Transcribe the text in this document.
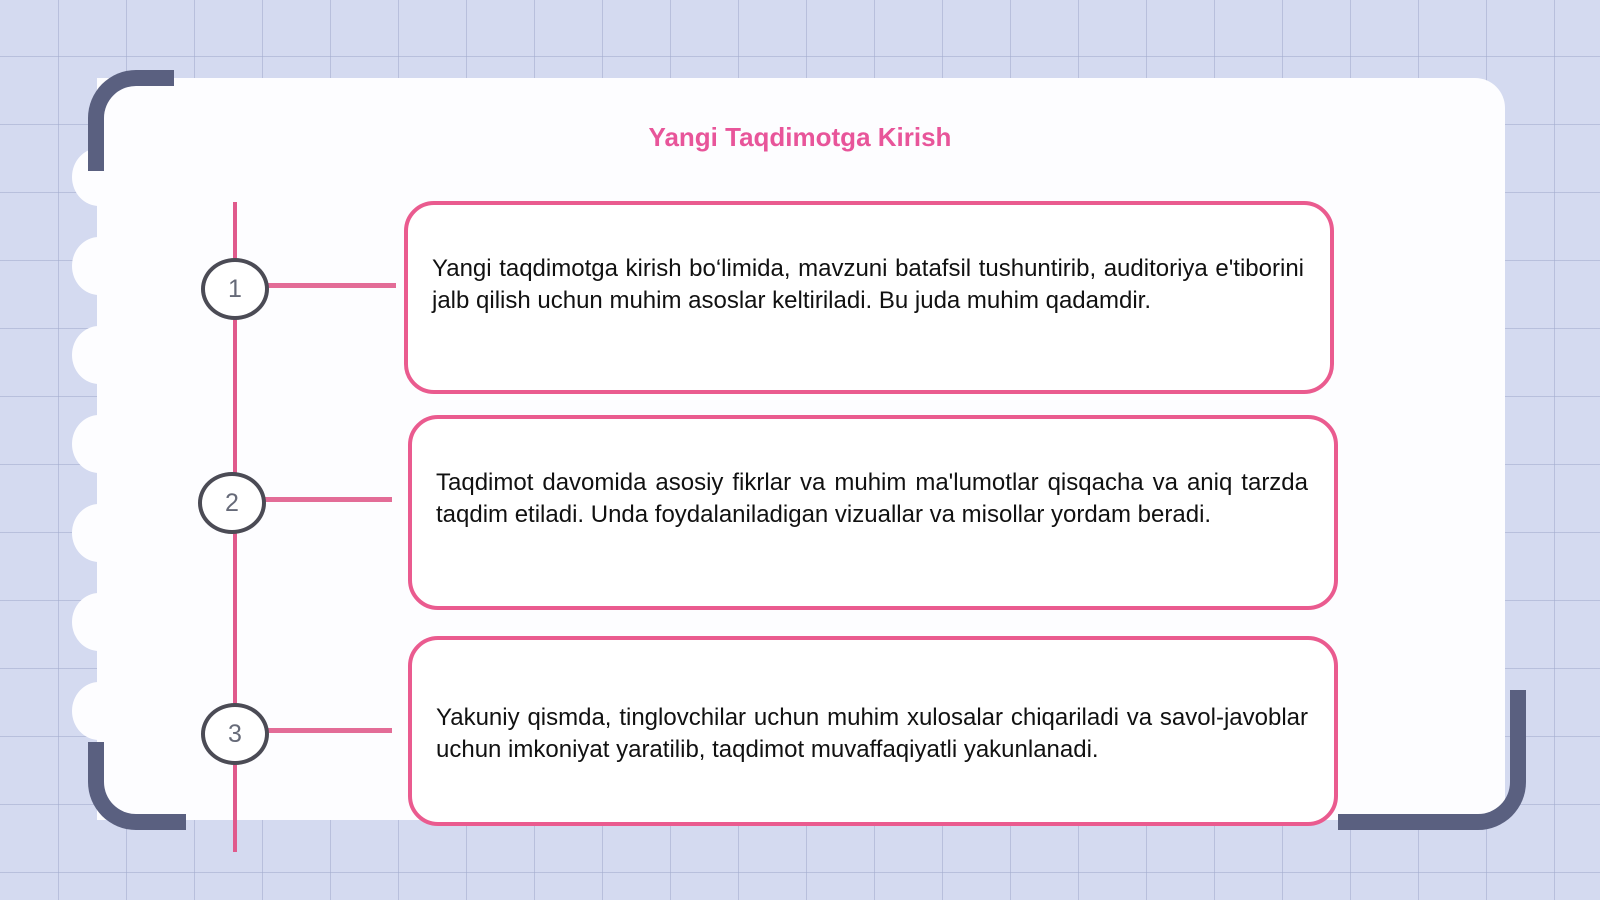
Yangi Taqdimotga Kirish
1
2
3
Yangi taqdimotga kirish bo‘limida, mavzuni batafsil tushuntirib, auditoriya e'tiborini jalb qilish uchun muhim asoslar keltiriladi. Bu juda muhim qadamdir.
Taqdimot davomida asosiy fikrlar va muhim ma'lumotlar qisqacha va aniq tarzda taqdim etiladi. Unda foydalaniladigan vizuallar va misollar yordam beradi.
Yakuniy qismda, tinglovchilar uchun muhim xulosalar chiqariladi va savol-javoblar uchun imkoniyat yaratilib, taqdimot muvaffaqiyatli yakunlanadi.
